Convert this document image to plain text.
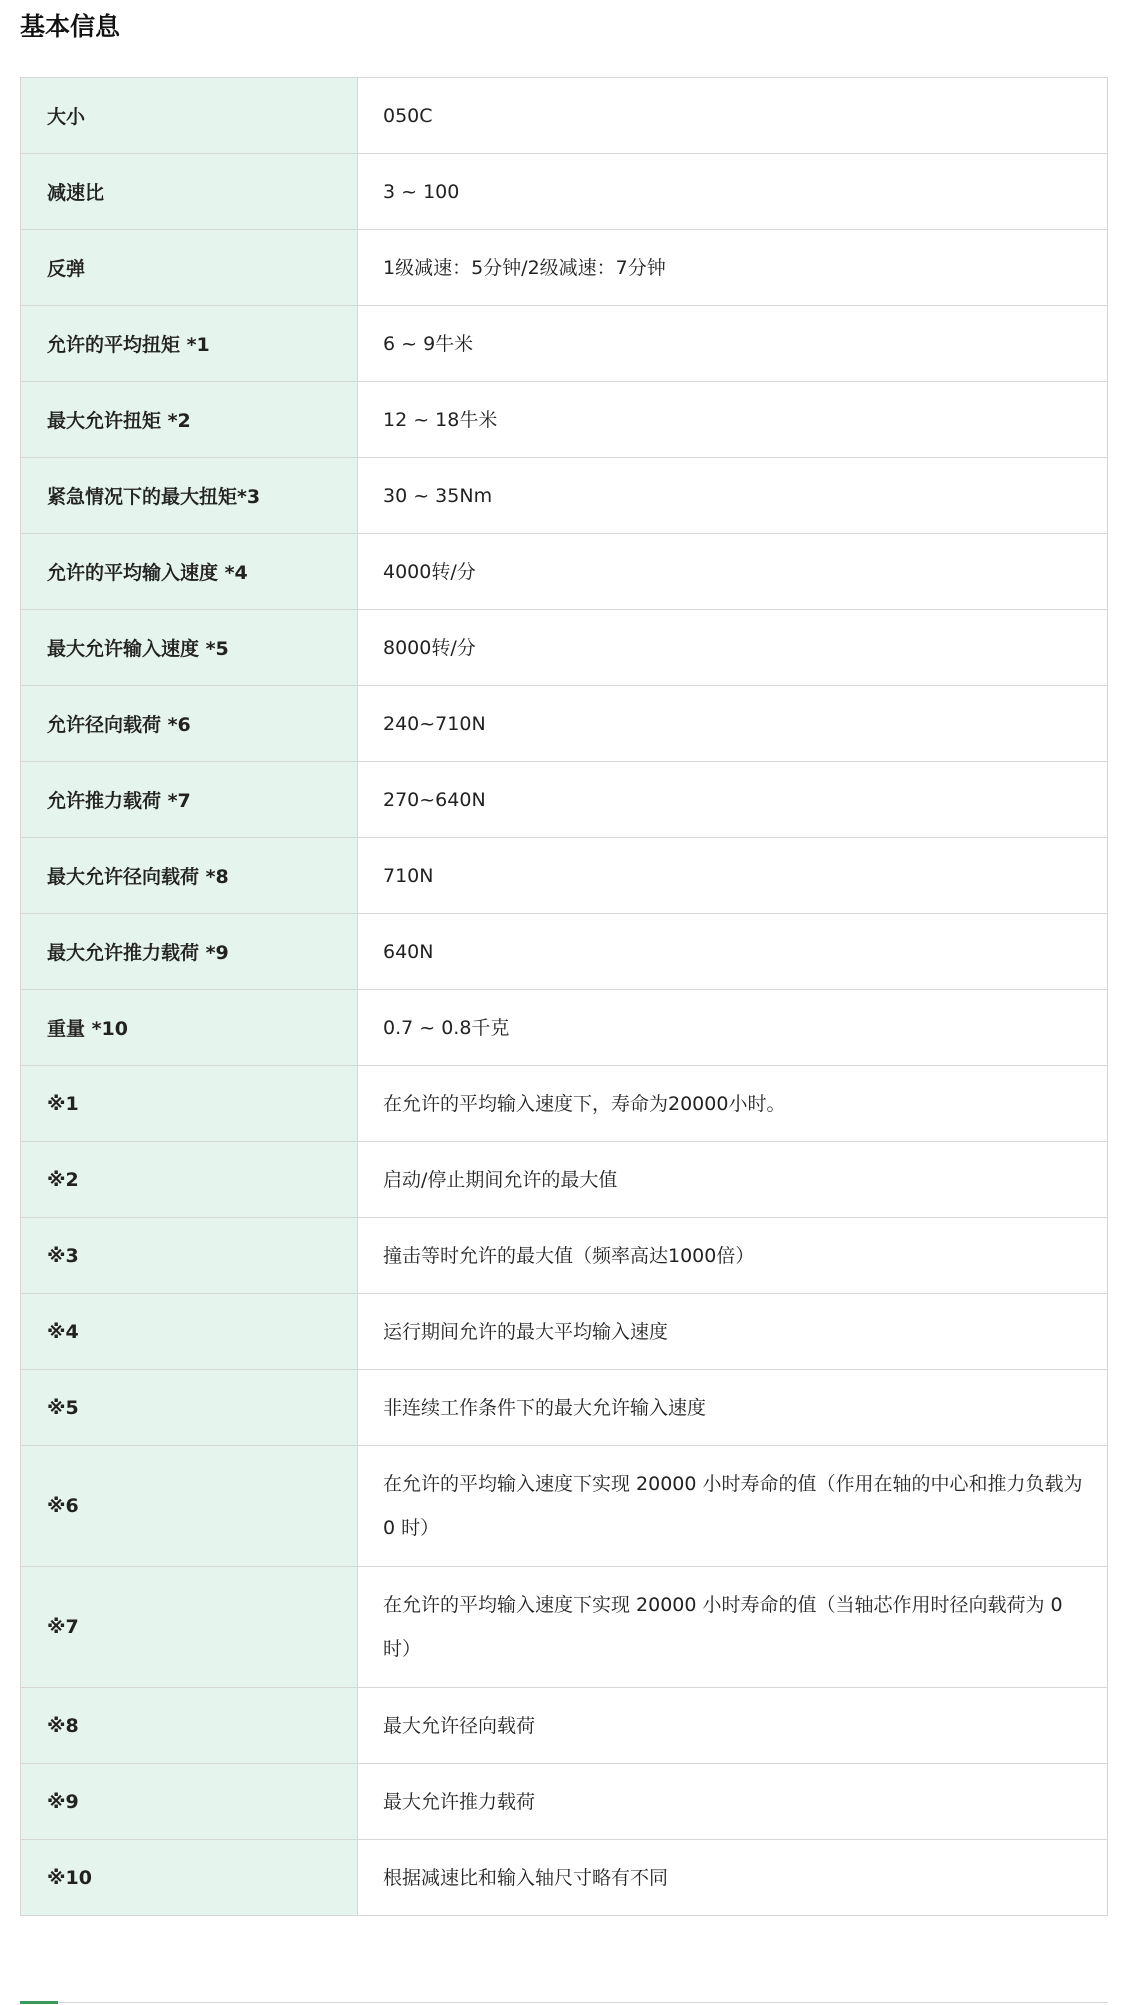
基本信息
大小	050C
减速比	3 ~ 100
反弹	1级减速：5分钟/2级减速：7分钟
允许的平均扭矩 *1	6 ~ 9牛米
最大允许扭矩 *2	12 ~ 18牛米
紧急情况下的最大扭矩*3	30 ~ 35Nm
允许的平均输入速度 *4	4000转/分
最大允许输入速度 *5	8000转/分
允许径向载荷 *6	240~710N
允许推力载荷 *7	270~640N
最大允许径向载荷 *8	710N
最大允许推力载荷 *9	640N
重量 *10	0.7 ~ 0.8千克
※1	在允许的平均输入速度下，寿命为20000小时。
※2	启动/停止期间允许的最大值
※3	撞击等时允许的最大值（频率高达1000倍）
※4	运行期间允许的最大平均输入速度
※5	非连续工作条件下的最大允许输入速度
※6	在允许的平均输入速度下实现 20000 小时寿命的值（作用在轴的中心和推力负载为 0 时）
※7	在允许的平均输入速度下实现 20000 小时寿命的值（当轴芯作用时径向载荷为 0 时）
※8	最大允许径向载荷
※9	最大允许推力载荷
※10	根据减速比和输入轴尺寸略有不同
